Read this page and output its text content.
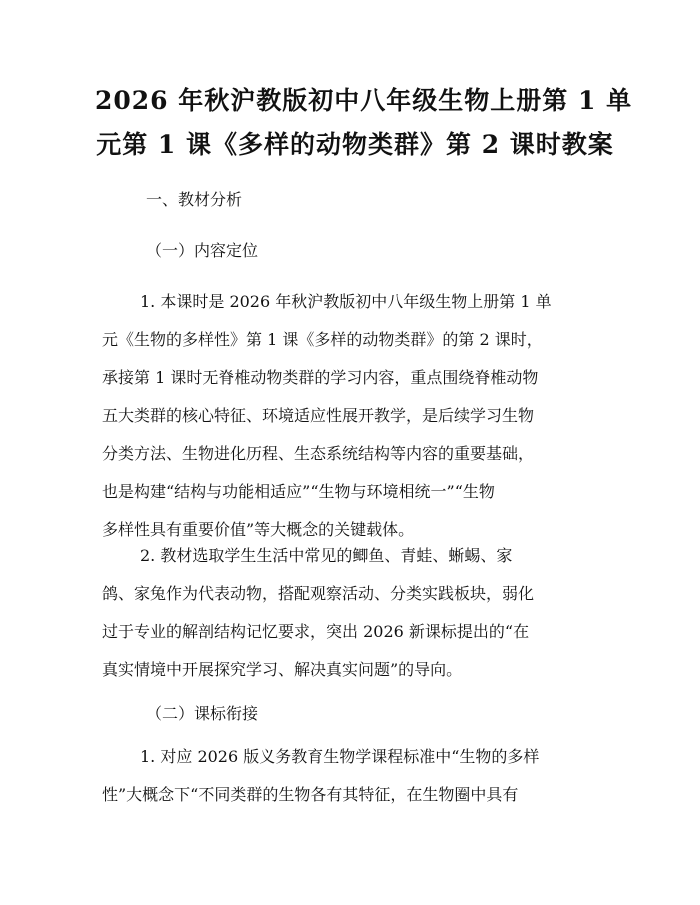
2026 年秋沪教版初中八年级生物上册第 1 单
元第 1 课《多样的动物类群》第 2 课时教案
一、教材分析
（一）内容定位
1. 本课时是 2026 年秋沪教版初中八年级生物上册第 1 单
元《生物的多样性》第 1 课《多样的动物类群》的第 2 课时，
承接第 1 课时无脊椎动物类群的学习内容，重点围绕脊椎动物
五大类群的核心特征、环境适应性展开教学，是后续学习生物
分类方法、生物进化历程、生态系统结构等内容的重要基础，
也是构建“结构与功能相适应”“生物与环境相统一”“生物
多样性具有重要价值”等大概念的关键载体。
2. 教材选取学生生活中常见的鲫鱼、青蛙、蜥蜴、家
鸽、家兔作为代表动物，搭配观察活动、分类实践板块，弱化
过于专业的解剖结构记忆要求，突出 2026 新课标提出的“在
真实情境中开展探究学习、解决真实问题”的导向。
（二）课标衔接
1. 对应 2026 版义务教育生物学课程标准中“生物的多样
性”大概念下“不同类群的生物各有其特征，在生物圈中具有
